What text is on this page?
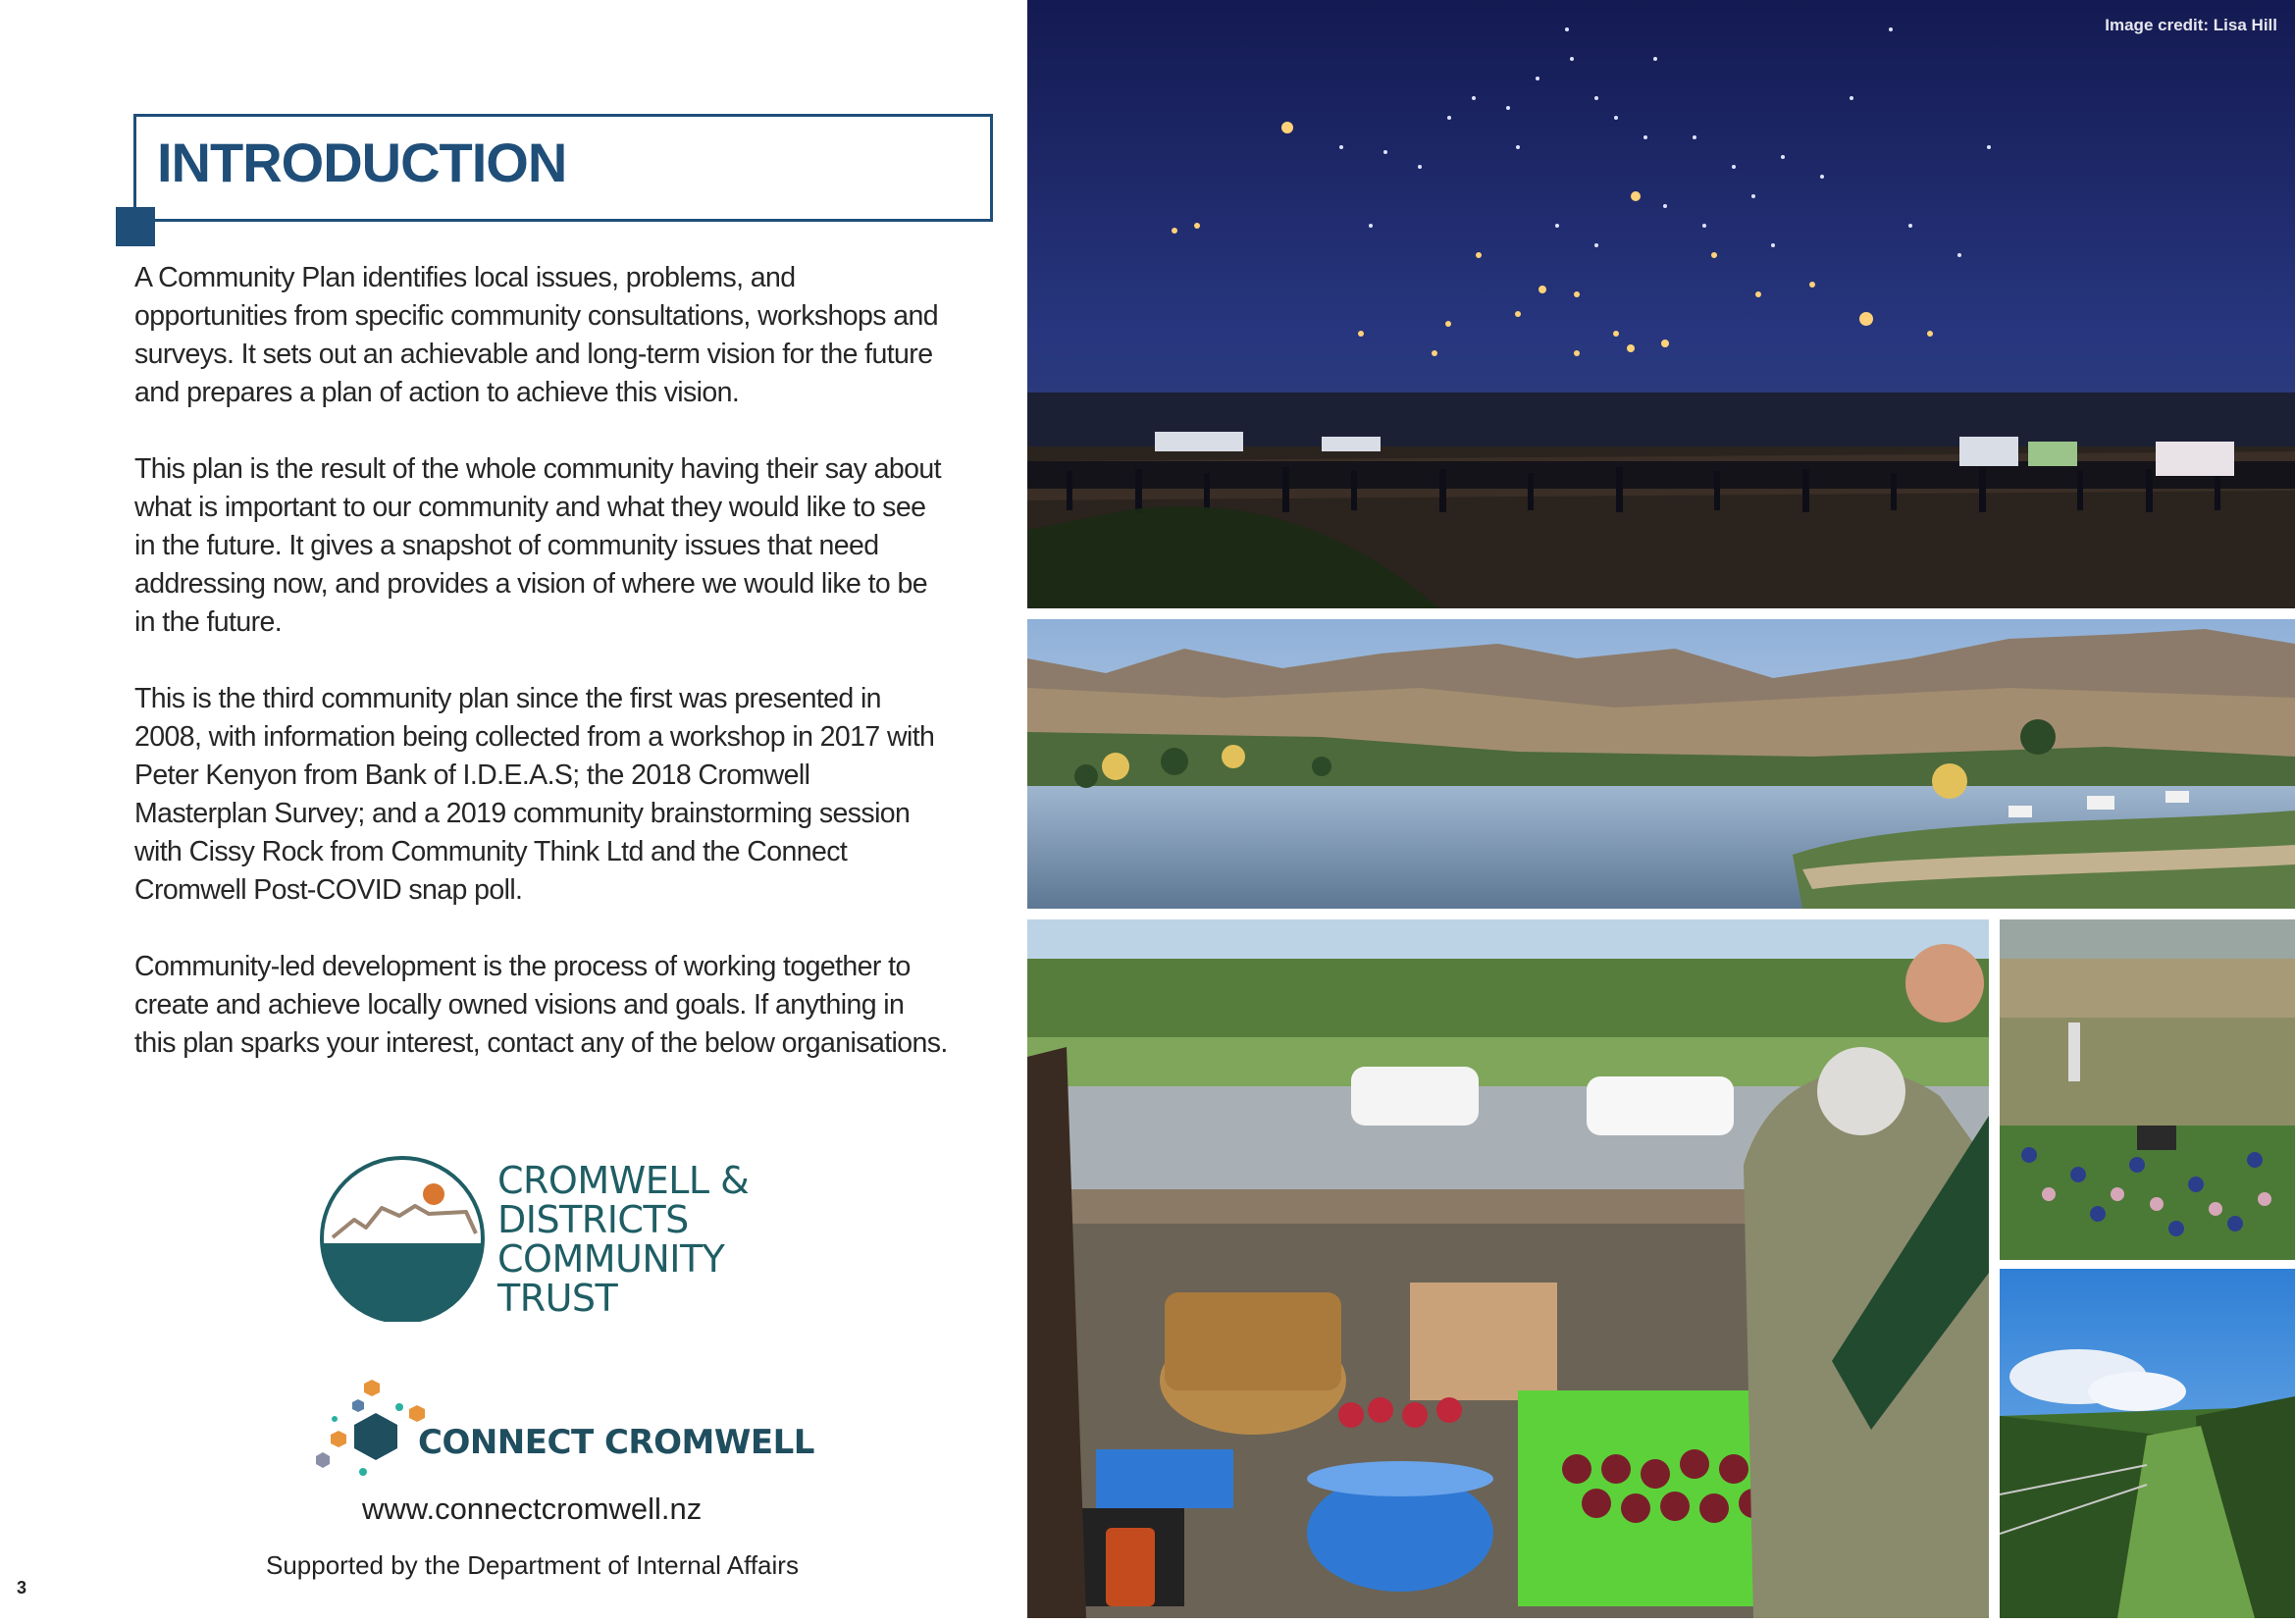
INTRODUCTION

A Community Plan identifies local issues, problems, and opportunities from specific community consultations, workshops and surveys. It sets out an achievable and long-term vision for the future and prepares a plan of action to achieve this vision.

This plan is the result of the whole community having their say about what is important to our community and what they would like to see in the future. It gives a snapshot of community issues that need addressing now, and provides a vision of where we would like to be in the future.

This is the third community plan since the first was presented in 2008, with information being collected from a workshop in 2017 with Peter Kenyon from Bank of I.D.E.A.S; the 2018 Cromwell Masterplan Survey; and a 2019 community brainstorming session with Cissy Rock from Community Think Ltd and the Connect Cromwell Post-COVID snap poll.

Community-led development is the process of working together to create and achieve locally owned visions and goals. If anything in this plan sparks your interest, contact any of the below organisations.

CROMWELL &
DISTRICTS
COMMUNITY
TRUST
CONNECT CROMWELL
www.connectcromwell.nz
Supported by the Department of Internal Affairs
3
Image credit: Lisa Hill
